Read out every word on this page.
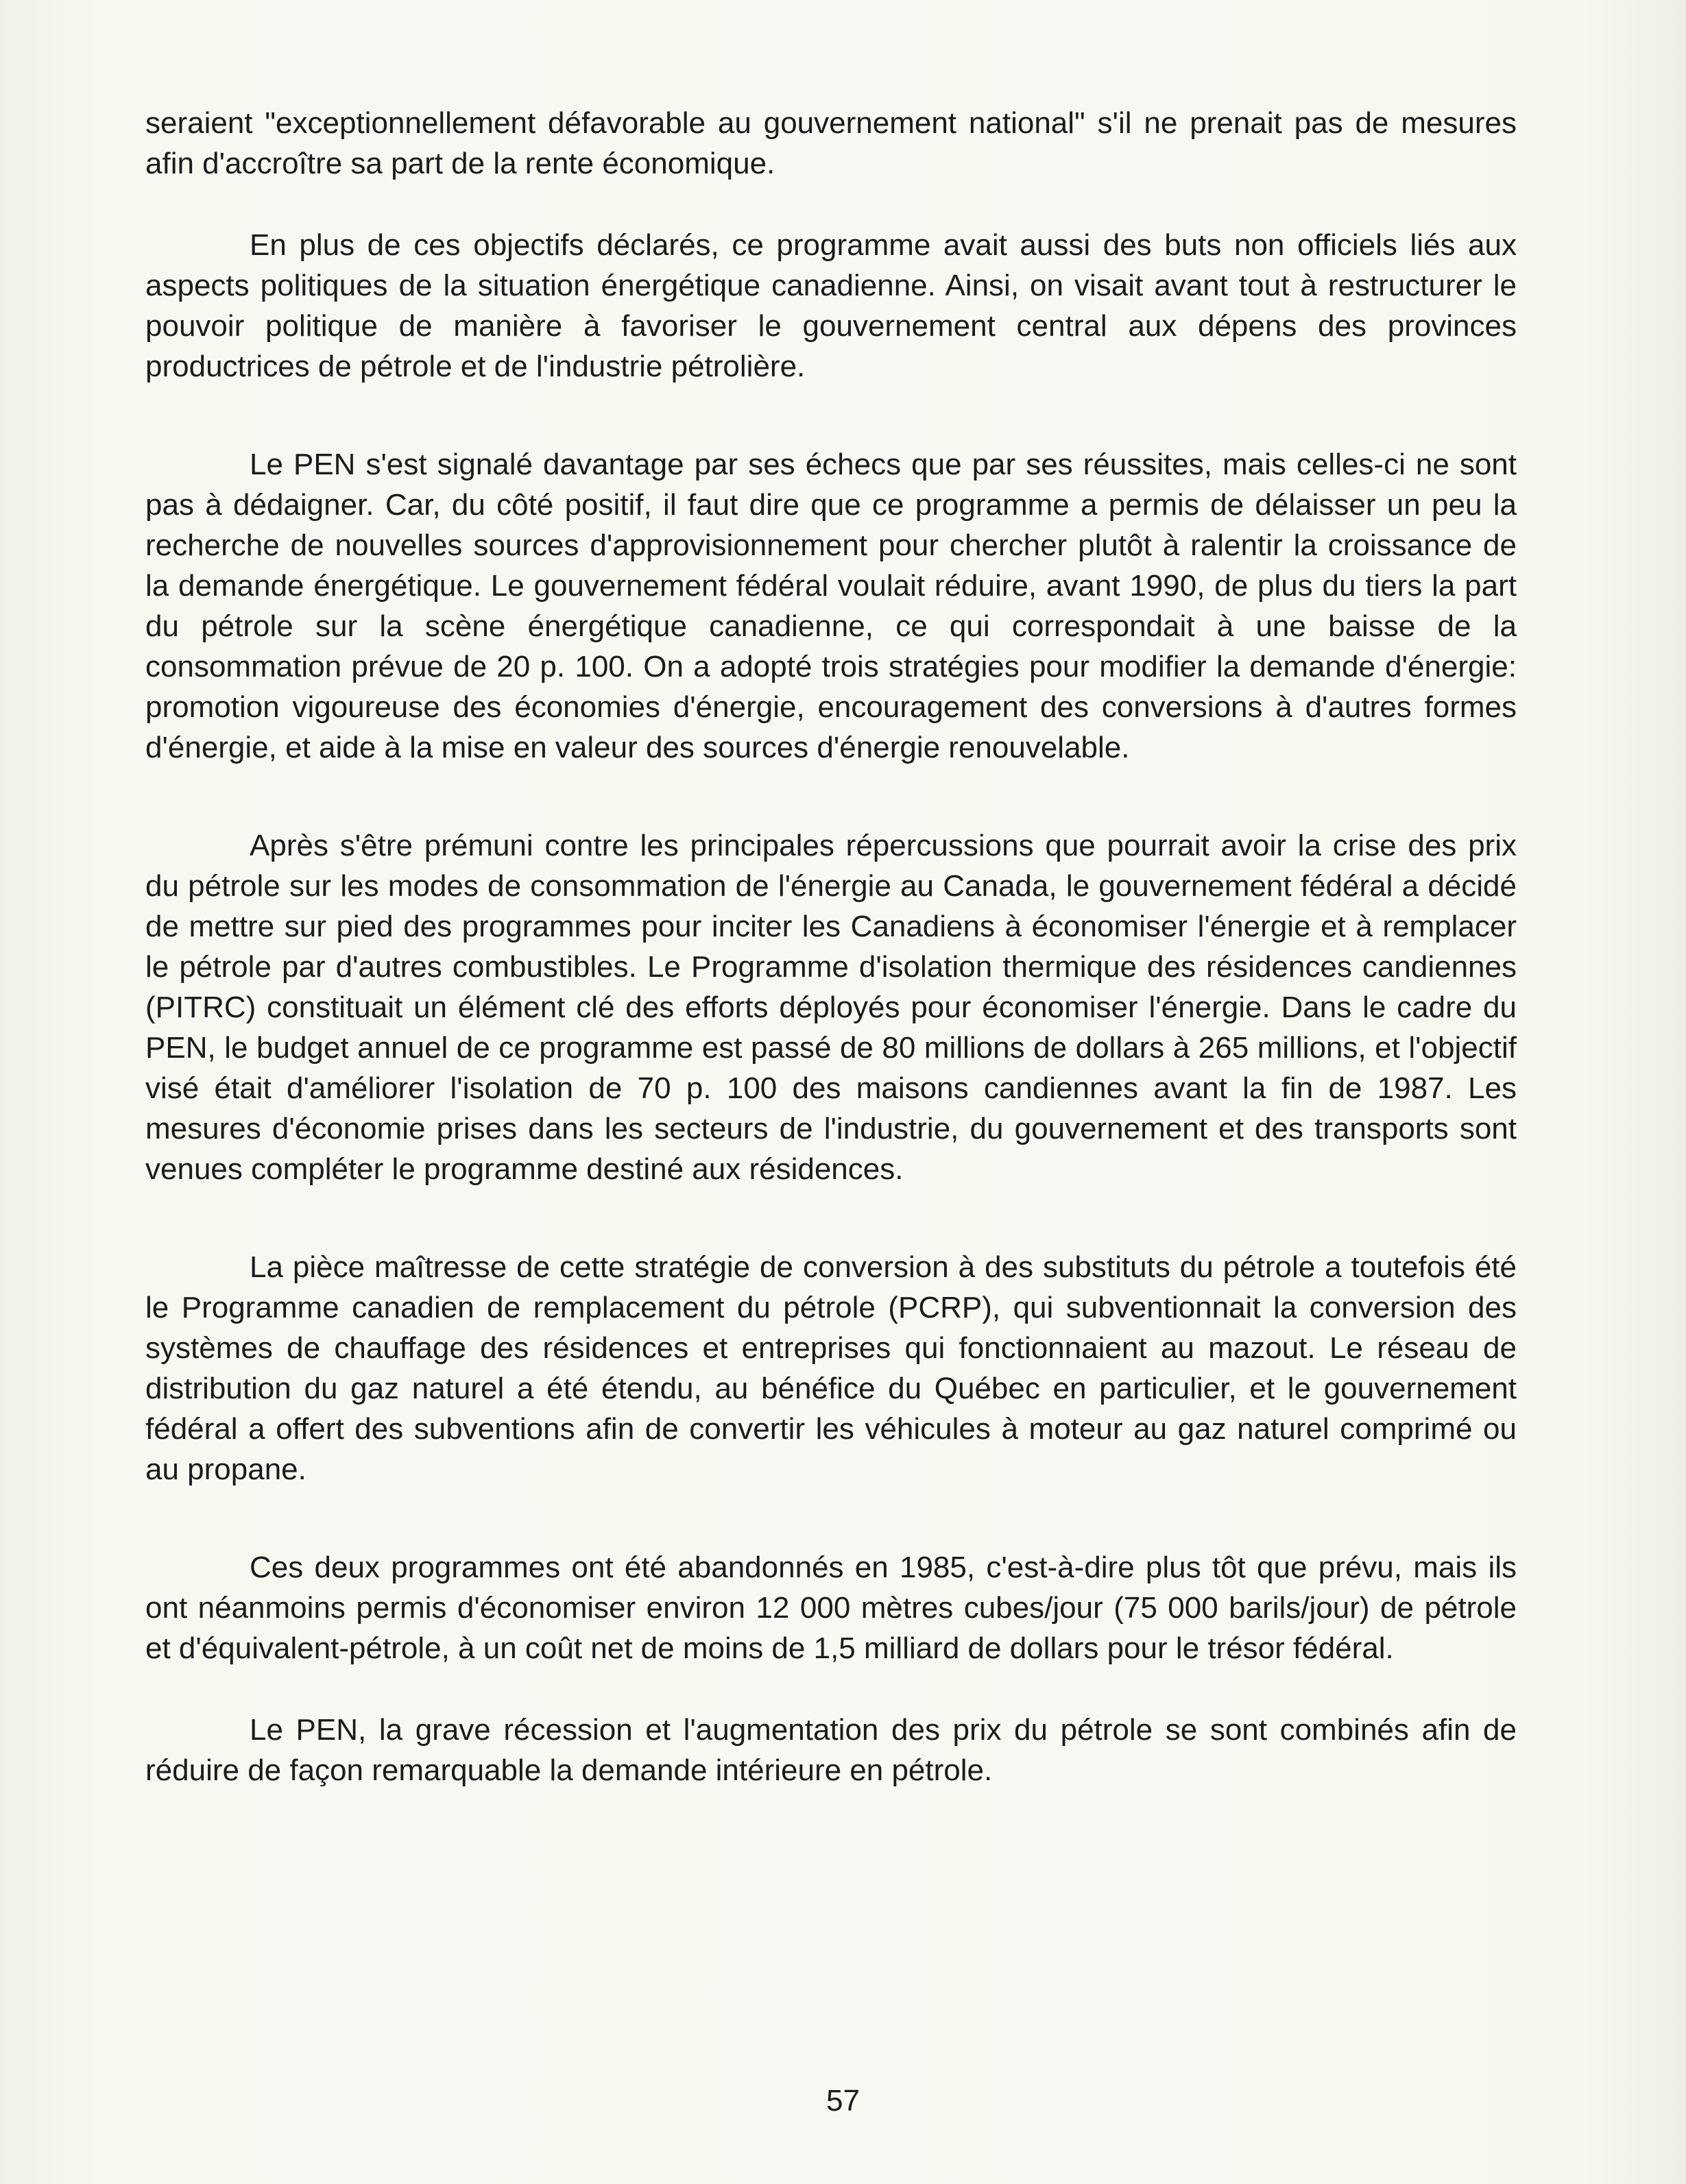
seraient "exceptionnellement défavorable au gouvernement national" s'il ne prenait pas de mesures afin d'accroître sa part de la rente économique.

En plus de ces objectifs déclarés, ce programme avait aussi des buts non officiels liés aux aspects politiques de la situation énergétique canadienne. Ainsi, on visait avant tout à restructurer le pouvoir politique de manière à favoriser le gouvernement central aux dépens des provinces productrices de pétrole et de l'industrie pétrolière.

Le PEN s'est signalé davantage par ses échecs que par ses réussites, mais celles-ci ne sont pas à dédaigner. Car, du côté positif, il faut dire que ce programme a permis de délaisser un peu la recherche de nouvelles sources d'approvisionnement pour chercher plutôt à ralentir la croissance de la demande énergétique. Le gouvernement fédéral voulait réduire, avant 1990, de plus du tiers la part du pétrole sur la scène énergétique canadienne, ce qui correspondait à une baisse de la consommation prévue de 20 p. 100. On a adopté trois stratégies pour modifier la demande d'énergie: promotion vigoureuse des économies d'énergie, encouragement des conversions à d'autres formes d'énergie, et aide à la mise en valeur des sources d'énergie renouvelable.

Après s'être prémuni contre les principales répercussions que pourrait avoir la crise des prix du pétrole sur les modes de consommation de l'énergie au Canada, le gouvernement fédéral a décidé de mettre sur pied des programmes pour inciter les Canadiens à économiser l'énergie et à remplacer le pétrole par d'autres combustibles. Le Programme d'isolation thermique des résidences candiennes (PITRC) constituait un élément clé des efforts déployés pour économiser l'énergie. Dans le cadre du PEN, le budget annuel de ce programme est passé de 80 millions de dollars à 265 millions, et l'objectif visé était d'améliorer l'isolation de 70 p. 100 des maisons candiennes avant la fin de 1987. Les mesures d'économie prises dans les secteurs de l'industrie, du gouvernement et des transports sont venues compléter le programme destiné aux résidences.

La pièce maîtresse de cette stratégie de conversion à des substituts du pétrole a toutefois été le Programme canadien de remplacement du pétrole (PCRP), qui subventionnait la conversion des systèmes de chauffage des résidences et entreprises qui fonctionnaient au mazout. Le réseau de distribution du gaz naturel a été étendu, au bénéfice du Québec en particulier, et le gouvernement fédéral a offert des subventions afin de convertir les véhicules à moteur au gaz naturel comprimé ou au propane.

Ces deux programmes ont été abandonnés en 1985, c'est-à-dire plus tôt que prévu, mais ils ont néanmoins permis d'économiser environ 12 000 mètres cubes/jour (75 000 barils/jour) de pétrole et d'équivalent-pétrole, à un coût net de moins de 1,5 milliard de dollars pour le trésor fédéral.

Le PEN, la grave récession et l'augmentation des prix du pétrole se sont combinés afin de réduire de façon remarquable la demande intérieure en pétrole.

57
